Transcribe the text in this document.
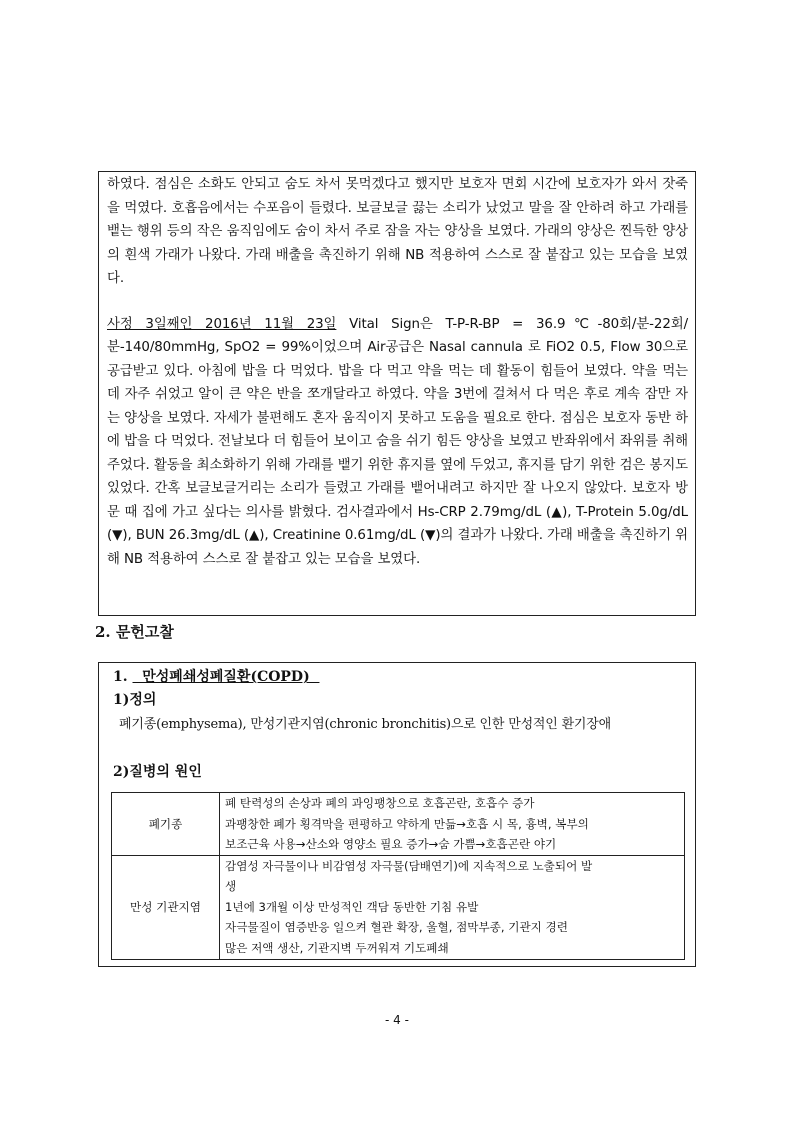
하였다. 점심은 소화도 안되고 숨도 차서 못먹겠다고 했지만 보호자 면회 시간에 보호자가 와서 잣죽을 먹였다. 호흡음에서는 수포음이 들렸다. 보글보글 끓는 소리가 났었고 말을 잘 안하려 하고 가래를 뱉는 행위 등의 작은 움직임에도 숨이 차서 주로 잠을 자는 양상을 보였다. 가래의 양상은 찐득한 양상의 흰색 가래가 나왔다. 가래 배출을 촉진하기 위해 NB 적용하여 스스로 잘 붙잡고 있는 모습을 보였다.

사정 3일째인 2016년 11월 23일 Vital Sign은 T-P-R-BP = 36.9℃-80회/분-22회/분-140/80mmHg, SpO2 = 99%이었으며 Air공급은 Nasal cannula 로 FiO2 0.5, Flow 30으로 공급받고 있다. 아침에 밥을 다 먹었다. 밥을 다 먹고 약을 먹는 데 활동이 힘들어 보였다. 약을 먹는 데 자주 쉬었고 알이 큰 약은 반을 쪼개달라고 하였다. 약을 3번에 걸쳐서 다 먹은 후로 계속 잠만 자는 양상을 보였다. 자세가 불편해도 혼자 움직이지 못하고 도움을 필요로 한다. 점심은 보호자 동반 하에 밥을 다 먹었다. 전날보다 더 힘들어 보이고 숨을 쉬기 힘든 양상을 보였고 반좌위에서 좌위를 취해주었다. 활동을 최소화하기 위해 가래를 뱉기 위한 휴지를 옆에 두었고, 휴지를 담기 위한 검은 봉지도 있었다. 간혹 보글보글거리는 소리가 들렸고 가래를 뱉어내려고 하지만 잘 나오지 않았다. 보호자 방문 때 집에 가고 싶다는 의사를 밝혔다. 검사결과에서 Hs-CRP 2.79mg/dL (▲), T-Protein 5.0g/dL (▼), BUN 26.3mg/dL (▲), Creatinine 0.61mg/dL (▼)의 결과가 나왔다. 가래 배출을 촉진하기 위해 NB 적용하여 스스로 잘 붙잡고 있는 모습을 보였다.

2. 문헌고찰

1.   만성폐쇄성폐질환(COPD)

1)정의

폐기종(emphysema), 만성기관지염(chronic bronchitis)으로 인한 만성적인 환기장애

2)질병의 원인

폐기종	폐 탄력성의 손상과 폐의 과잉팽창으로 호흡곤란, 호흡수 증가
과팽창한 폐가 횡격막을 편평하고 약하게 만듦→호흡 시 목, 흉벽, 복부의
보조근육 사용→산소와 영양소 필요 증가→숨 가쁨→호흡곤란 야기

만성 기관지염	감염성 자극물이나 비감염성 자극물(담배연기)에 지속적으로 노출되어 발
생
1년에 3개월 이상 만성적인 객담 동반한 기침 유발
자극물질이 염증반응 일으켜 혈관 확장, 울혈, 점막부종, 기관지 경련
많은 저액 생산, 기관지벽 두꺼워져 기도폐쇄

- 4 -
